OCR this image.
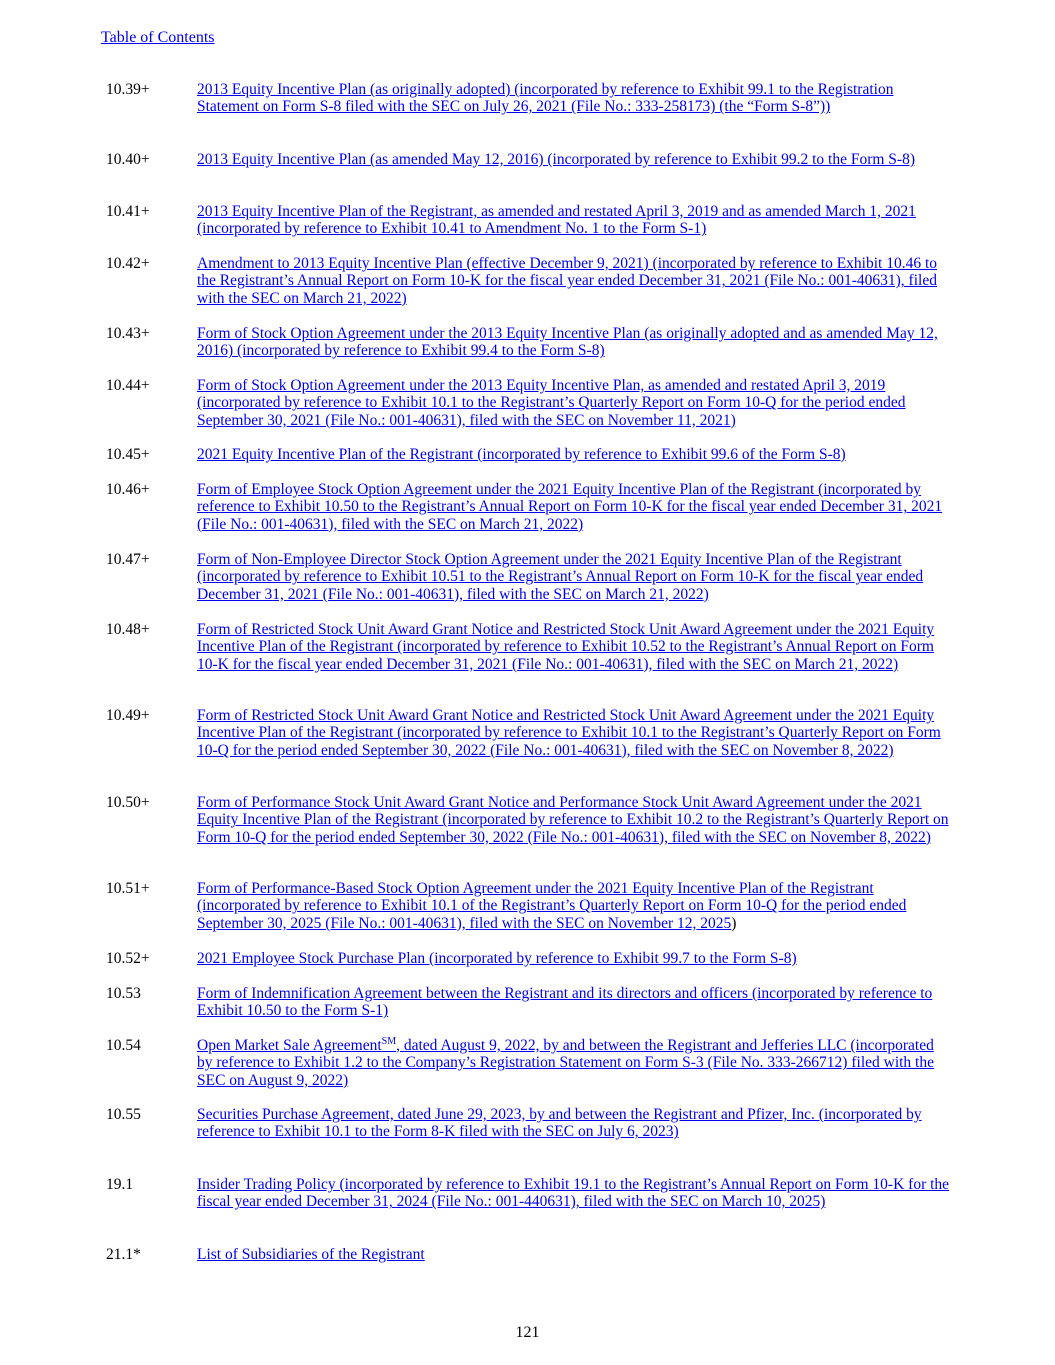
Table of Contents
10.39+	2013 Equity Incentive Plan (as originally adopted) (incorporated by reference to Exhibit 99.1 to the Registration Statement on Form S-8 filed with the SEC on July 26, 2021 (File No.: 333-258173) (the “Form S-8”))
10.40+	2013 Equity Incentive Plan (as amended May 12, 2016) (incorporated by reference to Exhibit 99.2 to the Form S-8)
10.41+	2013 Equity Incentive Plan of the Registrant, as amended and restated April 3, 2019 and as amended March 1, 2021 (incorporated by reference to Exhibit 10.41 to Amendment No. 1 to the Form S-1)
10.42+	Amendment to 2013 Equity Incentive Plan (effective December 9, 2021) (incorporated by reference to Exhibit 10.46 to the Registrant’s Annual Report on Form 10-K for the fiscal year ended December 31, 2021 (File No.: 001-40631), filed with the SEC on March 21, 2022)
10.43+	Form of Stock Option Agreement under the 2013 Equity Incentive Plan (as originally adopted and as amended May 12, 2016) (incorporated by reference to Exhibit 99.4 to the Form S-8)
10.44+	Form of Stock Option Agreement under the 2013 Equity Incentive Plan, as amended and restated April 3, 2019 (incorporated by reference to Exhibit 10.1 to the Registrant’s Quarterly Report on Form 10-Q for the period ended September 30, 2021 (File No.: 001-40631), filed with the SEC on November 11, 2021)
10.45+	2021 Equity Incentive Plan of the Registrant (incorporated by reference to Exhibit 99.6 of the Form S-8)
10.46+	Form of Employee Stock Option Agreement under the 2021 Equity Incentive Plan of the Registrant (incorporated by reference to Exhibit 10.50 to the Registrant’s Annual Report on Form 10-K for the fiscal year ended December 31, 2021 (File No.: 001-40631), filed with the SEC on March 21, 2022)
10.47+	Form of Non-Employee Director Stock Option Agreement under the 2021 Equity Incentive Plan of the Registrant (incorporated by reference to Exhibit 10.51 to the Registrant’s Annual Report on Form 10-K for the fiscal year ended December 31, 2021 (File No.: 001-40631), filed with the SEC on March 21, 2022)
10.48+	Form of Restricted Stock Unit Award Grant Notice and Restricted Stock Unit Award Agreement under the 2021 Equity Incentive Plan of the Registrant (incorporated by reference to Exhibit 10.52 to the Registrant’s Annual Report on Form 10-K for the fiscal year ended December 31, 2021 (File No.: 001-40631), filed with the SEC on March 21, 2022)
10.49+	Form of Restricted Stock Unit Award Grant Notice and Restricted Stock Unit Award Agreement under the 2021 Equity Incentive Plan of the Registrant (incorporated by reference to Exhibit 10.1 to the Registrant’s Quarterly Report on Form 10-Q for the period ended September 30, 2022 (File No.: 001-40631), filed with the SEC on November 8, 2022)
10.50+	Form of Performance Stock Unit Award Grant Notice and Performance Stock Unit Award Agreement under the 2021 Equity Incentive Plan of the Registrant (incorporated by reference to Exhibit 10.2 to the Registrant’s Quarterly Report on Form 10-Q for the period ended September 30, 2022 (File No.: 001-40631), filed with the SEC on November 8, 2022)
10.51+	Form of Performance-Based Stock Option Agreement under the 2021 Equity Incentive Plan of the Registrant (incorporated by reference to Exhibit 10.1 of the Registrant’s Quarterly Report on Form 10-Q for the period ended September 30, 2025 (File No.: 001-40631), filed with the SEC on November 12, 2025)
10.52+	2021 Employee Stock Purchase Plan (incorporated by reference to Exhibit 99.7 to the Form S-8)
10.53	Form of Indemnification Agreement between the Registrant and its directors and officers (incorporated by reference to Exhibit 10.50 to the Form S-1)
10.54	Open Market Sale Agreement℠, dated August 9, 2022, by and between the Registrant and Jefferies LLC (incorporated by reference to Exhibit 1.2 to the Company’s Registration Statement on Form S-3 (File No. 333-266712) filed with the SEC on August 9, 2022)
10.55	Securities Purchase Agreement, dated June 29, 2023, by and between the Registrant and Pfizer, Inc. (incorporated by reference to Exhibit 10.1 to the Form 8-K filed with the SEC on July 6, 2023)
19.1	Insider Trading Policy (incorporated by reference to Exhibit 19.1 to the Registrant’s Annual Report on Form 10-K for the fiscal year ended December 31, 2024 (File No.: 001-440631), filed with the SEC on March 10, 2025)
21.1*	List of Subsidiaries of the Registrant
121
